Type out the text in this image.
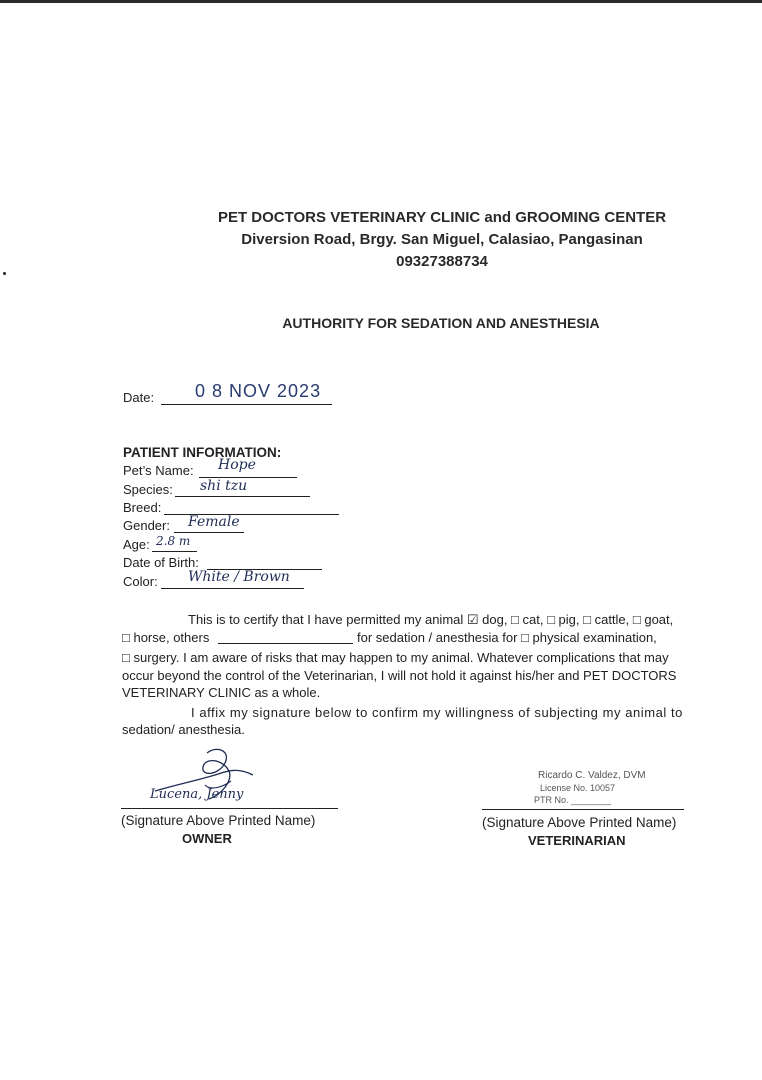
PET DOCTORS VETERINARY CLINIC and GROOMING CENTER
Diversion Road, Brgy. San Miguel, Calasiao, Pangasinan
09327388734
AUTHORITY FOR SEDATION AND ANESTHESIA
Date: 0 8 NOV 2023
PATIENT INFORMATION:
Pet’s Name: Hope
Species: shi tzu
Breed:
Gender: Female
Age: 2.8 m
Date of Birth:
Color: White / Brown
This is to certify that I have permitted my animal ☑ dog, □ cat, □ pig, □ cattle, □ goat,
□ horse, others	for sedation / anesthesia for □ physical examination,
□ surgery. I am aware of risks that may happen to my animal. Whatever complications that may
occur beyond the control of the Veterinarian, I will not hold it against his/her and PET DOCTORS
VETERINARY CLINIC as a whole.
I affix my signature below to confirm my willingness of subjecting my animal to
sedation/ anesthesia.
Lucena, Jenny
(Signature Above Printed Name)
OWNER
Ricardo C. Valdez, DVM
License No. 10057
PTR No. ________
(Signature Above Printed Name)
VETERINARIAN
